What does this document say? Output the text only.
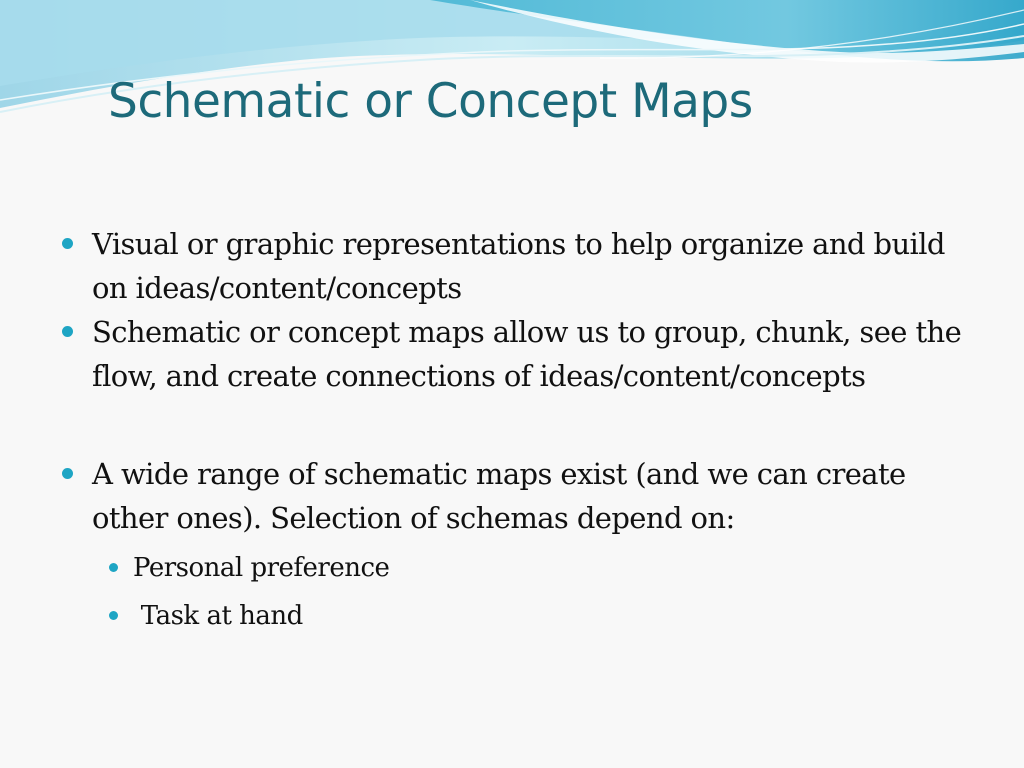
Schematic or Concept Maps
Visual or graphic representations to help organize and build on ideas/content/concepts
Schematic or concept maps allow us to group, chunk, see the flow, and create connections of ideas/content/concepts
A wide range of schematic maps exist (and we can create other ones). Selection of schemas depend on:
Personal preference
Task at hand
